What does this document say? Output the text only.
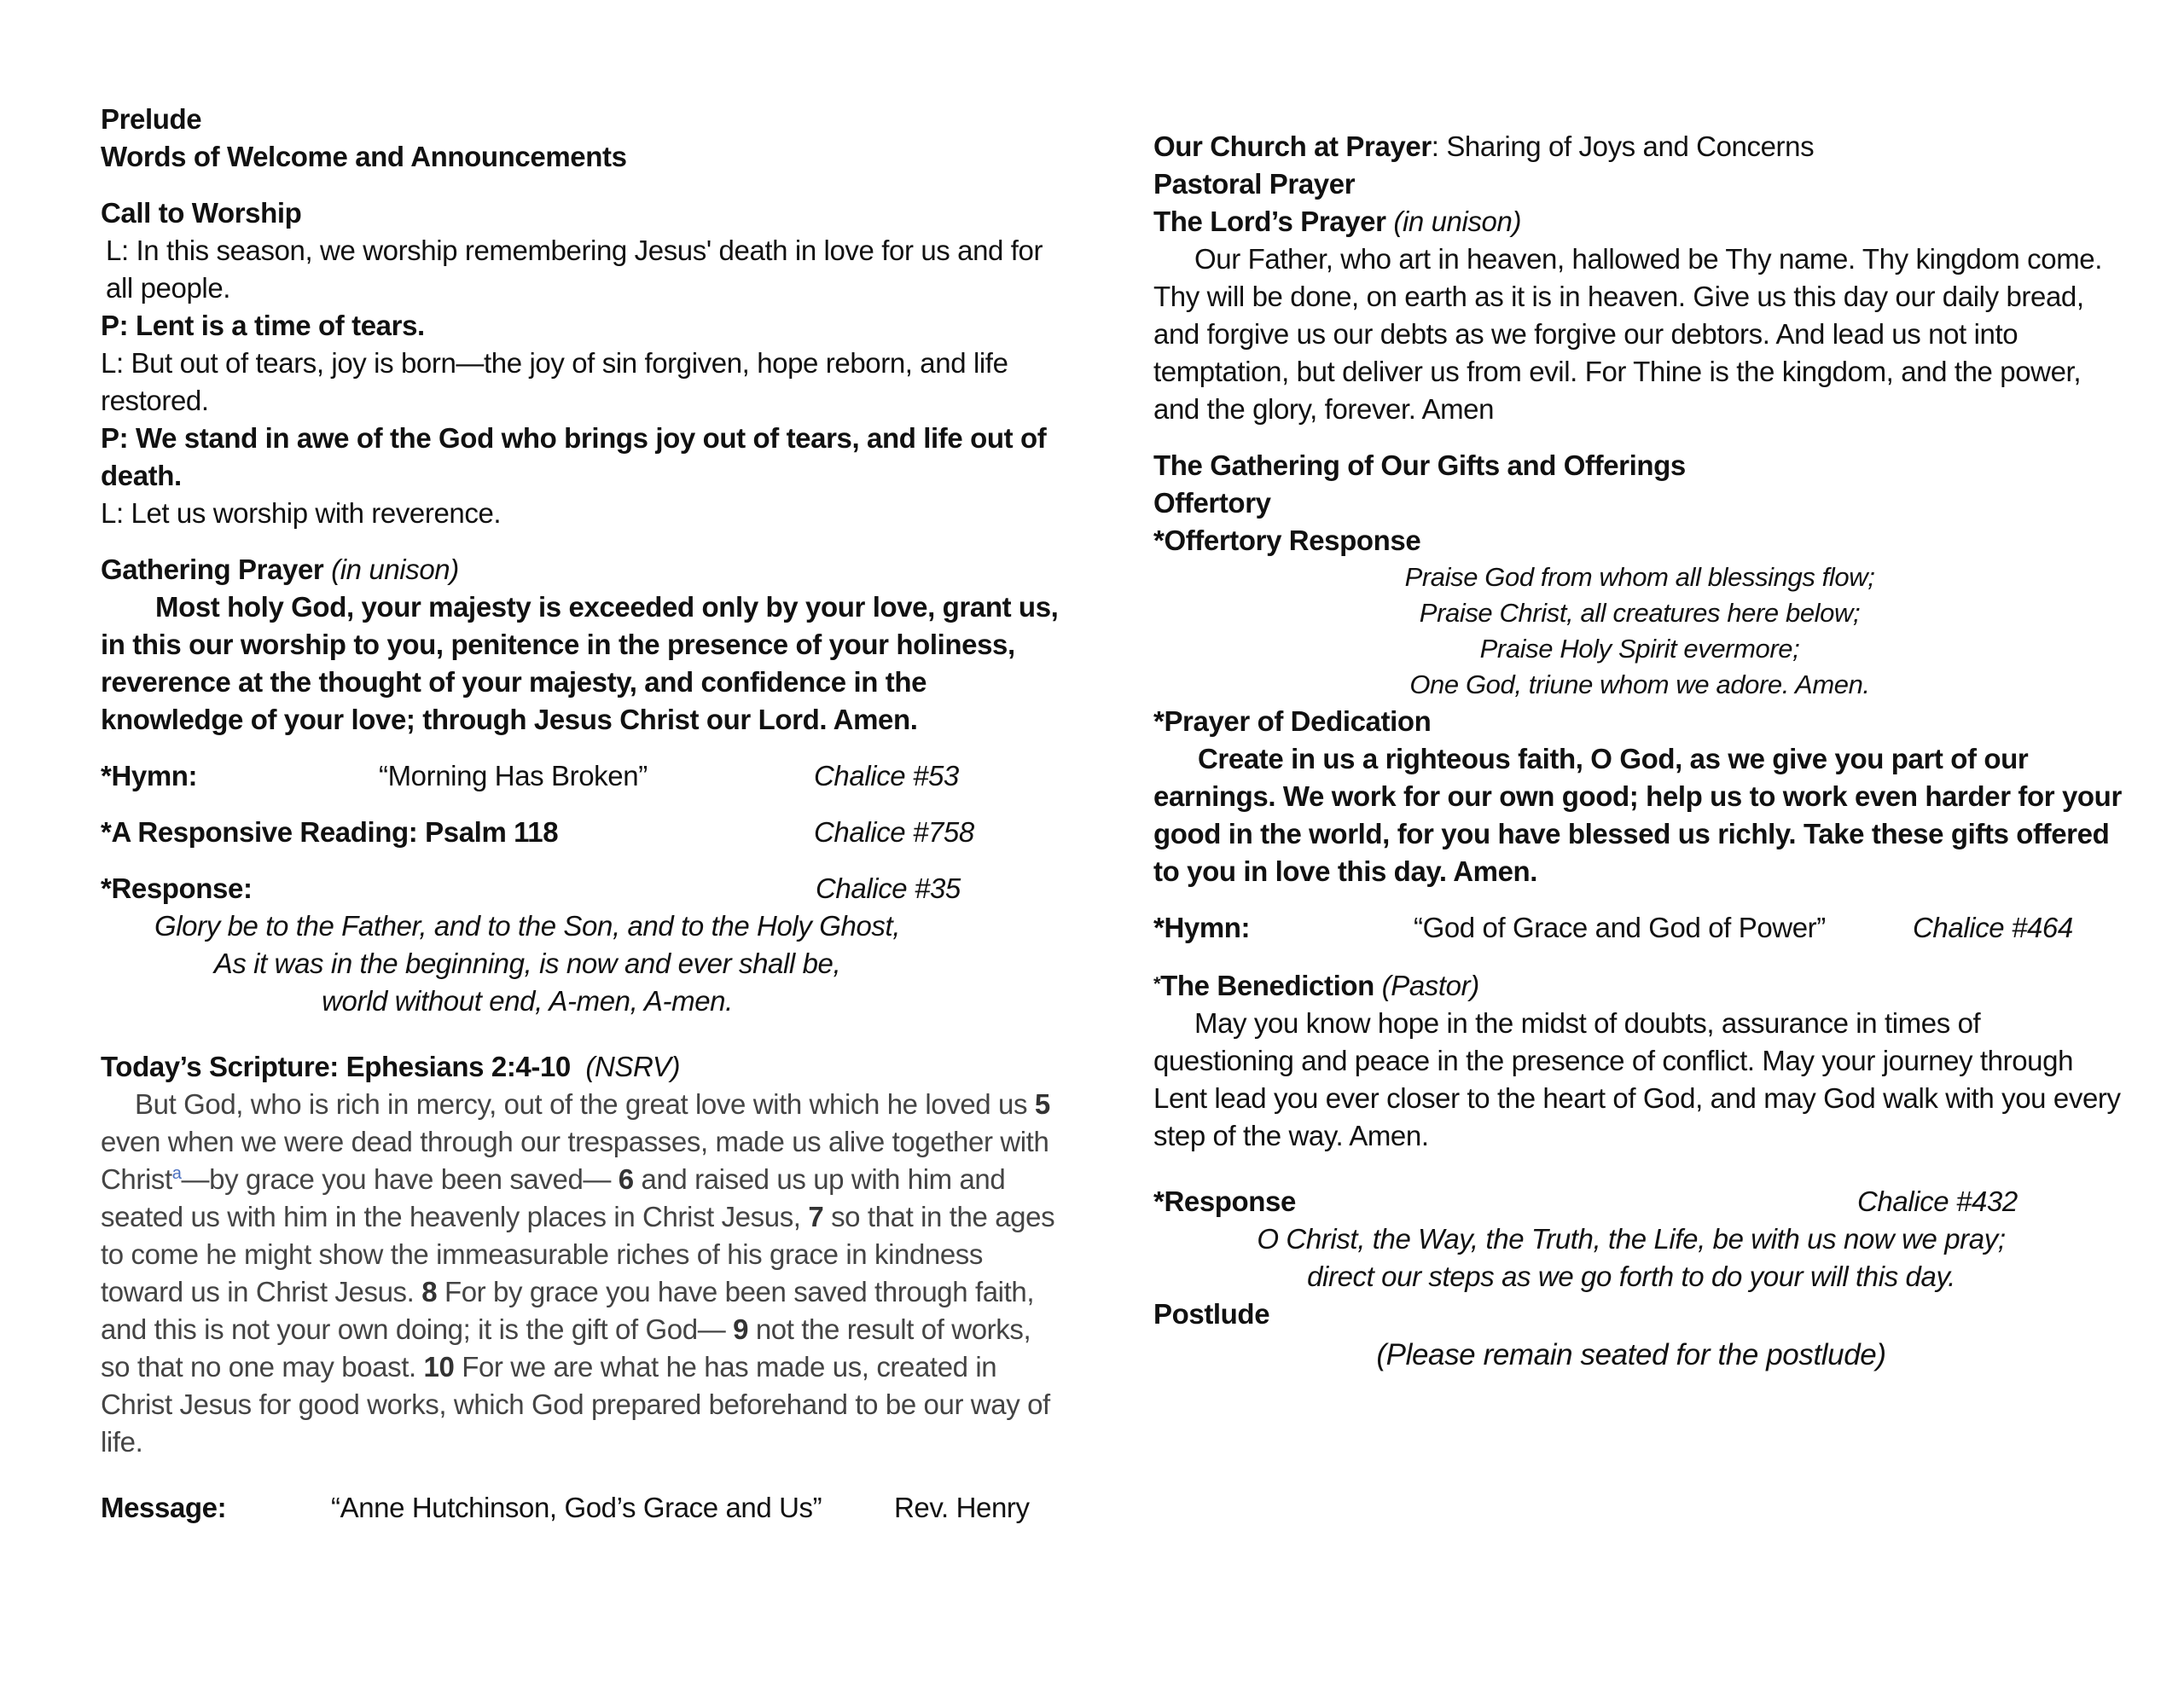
Prelude

Words of Welcome and Announcements

Call to Worship

L: In this season, we worship remembering Jesus' death in love for us and for all people.

P: Lent is a time of tears.

L: But out of tears, joy is born—the joy of sin forgiven, hope reborn, and life restored.

P: We stand in awe of the God who brings joy out of tears, and life out of death.

L: Let us worship with reverence.

Gathering Prayer (in unison)

Most holy God, your majesty is exceeded only by your love, grant us, in this our worship to you, penitence in the presence of your holiness, reverence at the thought of your majesty, and confidence in the knowledge of your love; through Jesus Christ our Lord. Amen.

*Hymn:	“Morning Has Broken”	Chalice #53
*A Responsive Reading: Psalm 118	Chalice #758
*Response:	Chalice #35

Glory be to the Father, and to the Son, and to the Holy Ghost,

As it was in the beginning, is now and ever shall be,

world without end, A-men, A-men.

Today’s Scripture: Ephesians 2:4-10 (NSRV)

But God, who is rich in mercy, out of the great love with which he loved us 5 even when we were dead through our trespasses, made us alive together with Christ$^a$—by grace you have been saved— 6 and raised us up with him and seated us with him in the heavenly places in Christ Jesus, 7 so that in the ages to come he might show the immeasurable riches of his grace in kindness toward us in Christ Jesus. 8 For by grace you have been saved through faith, and this is not your own doing; it is the gift of God— 9 not the result of works, so that no one may boast. 10 For we are what he has made us, created in Christ Jesus for good works, which God prepared beforehand to be our way of life.

Message:	“Anne Hutchinson, God’s Grace and Us”	Rev. Henry

Our Church at Prayer: Sharing of Joys and Concerns

Pastoral Prayer

The Lord’s Prayer (in unison)

Our Father, who art in heaven, hallowed be Thy name. Thy kingdom come. Thy will be done, on earth as it is in heaven. Give us this day our daily bread, and forgive us our debts as we forgive our debtors. And lead us not into temptation, but deliver us from evil. For Thine is the kingdom, and the power, and the glory, forever. Amen

The Gathering of Our Gifts and Offerings

Offertory

*Offertory Response

Praise God from whom all blessings flow;

Praise Christ, all creatures here below;

Praise Holy Spirit evermore;

One God, triune whom we adore. Amen.

*Prayer of Dedication

Create in us a righteous faith, O God, as we give you part of our earnings. We work for our own good; help us to work even harder for your good in the world, for you have blessed us richly. Take these gifts offered to you in love this day. Amen.

*Hymn:	“God of Grace and God of Power”	Chalice #464

*The Benediction (Pastor)

May you know hope in the midst of doubts, assurance in times of questioning and peace in the presence of conflict. May your journey through Lent lead you ever closer to the heart of God, and may God walk with you every step of the way. Amen.

*Response	Chalice #432

O Christ, the Way, the Truth, the Life, be with us now we pray;

direct our steps as we go forth to do your will this day.

Postlude

(Please remain seated for the postlude)
